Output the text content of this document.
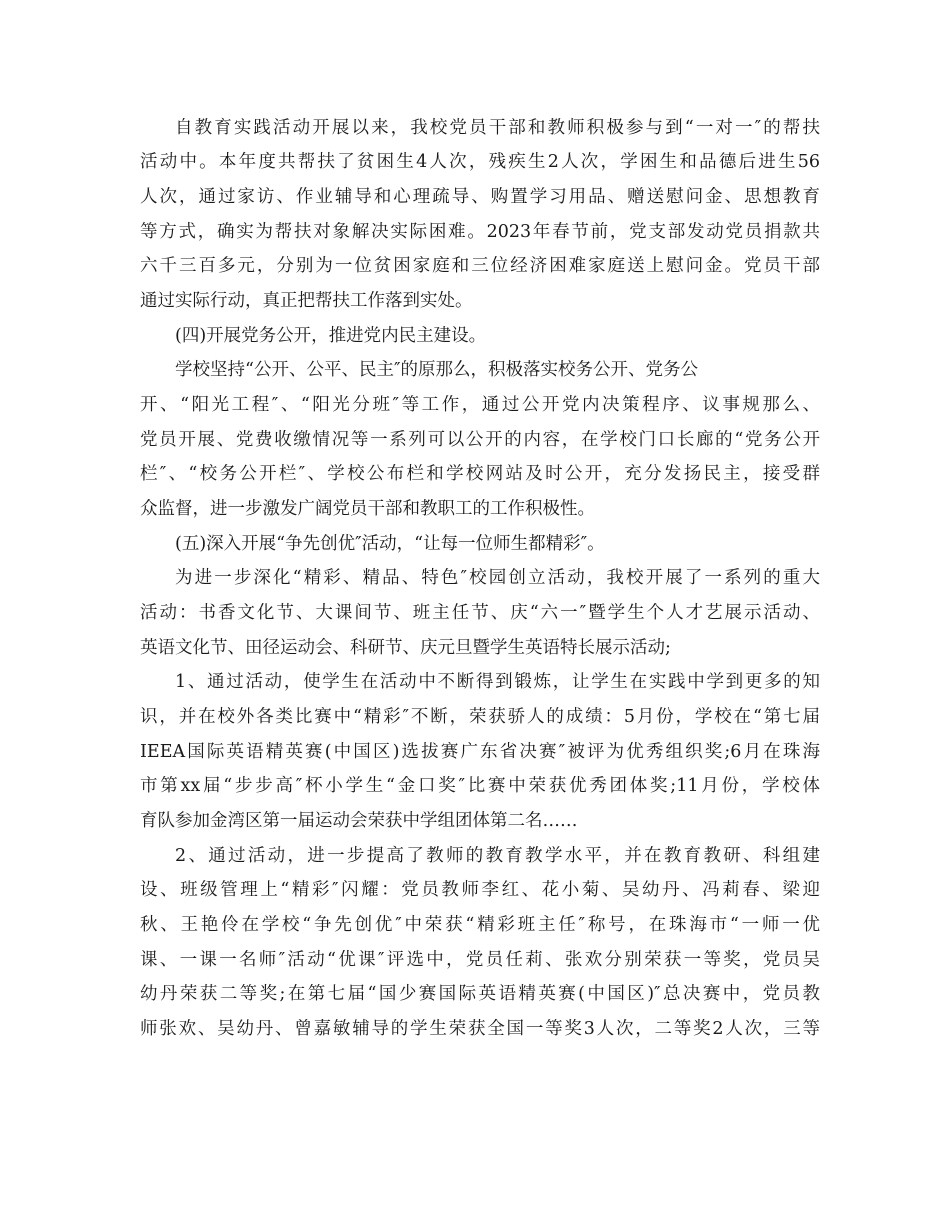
自教育实践活动开展以来，我校党员干部和教师积极参与到“一对一″的帮扶
活动中。本年度共帮扶了贫困生4人次，残疾生2人次，学困生和品德后进生56
人次，通过家访、作业辅导和心理疏导、购置学习用品、赠送慰问金、思想教育
等方式，确实为帮扶对象解决实际困难。2023年春节前，党支部发动党员捐款共
六千三百多元，分别为一位贫困家庭和三位经济困难家庭送上慰问金。党员干部
通过实际行动，真正把帮扶工作落到实处。
(四)开展党务公开，推进党内民主建设。
学校坚持“公开、公平、民主″的原那么，积极落实校务公开、党务公
开、“阳光工程″、“阳光分班″等工作，通过公开党内决策程序、议事规那么、
党员开展、党费收缴情况等一系列可以公开的内容，在学校门口长廊的“党务公开
栏″、“校务公开栏″、学校公布栏和学校网站及时公开，充分发扬民主，接受群
众监督，进一步激发广阔党员干部和教职工的工作积极性。
(五)深入开展“争先创优″活动，“让每一位师生都精彩″。
为进一步深化“精彩、精品、特色″校园创立活动，我校开展了一系列的重大
活动：书香文化节、大课间节、班主任节、庆“六一″暨学生个人才艺展示活动、
英语文化节、田径运动会、科研节、庆元旦暨学生英语特长展示活动;
1、通过活动，使学生在活动中不断得到锻炼，让学生在实践中学到更多的知
识，并在校外各类比赛中“精彩″不断，荣获骄人的成绩：5月份，学校在“第七届
IEEA国际英语精英赛(中国区)选拔赛广东省决赛″被评为优秀组织奖;6月在珠海
市第xx届“步步高″杯小学生“金口奖″比赛中荣获优秀团体奖;11月份，学校体
育队参加金湾区第一届运动会荣获中学组团体第二名……
2、通过活动，进一步提高了教师的教育教学水平，并在教育教研、科组建
设、班级管理上“精彩″闪耀：党员教师李红、花小菊、吴幼丹、冯莉春、梁迎
秋、王艳伶在学校“争先创优″中荣获“精彩班主任″称号，在珠海市“一师一优
课、一课一名师″活动“优课″评选中，党员任莉、张欢分别荣获一等奖，党员吴
幼丹荣获二等奖;在第七届“国少赛国际英语精英赛(中国区)″总决赛中，党员教
师张欢、吴幼丹、曾嘉敏辅导的学生荣获全国一等奖3人次，二等奖2人次，三等
